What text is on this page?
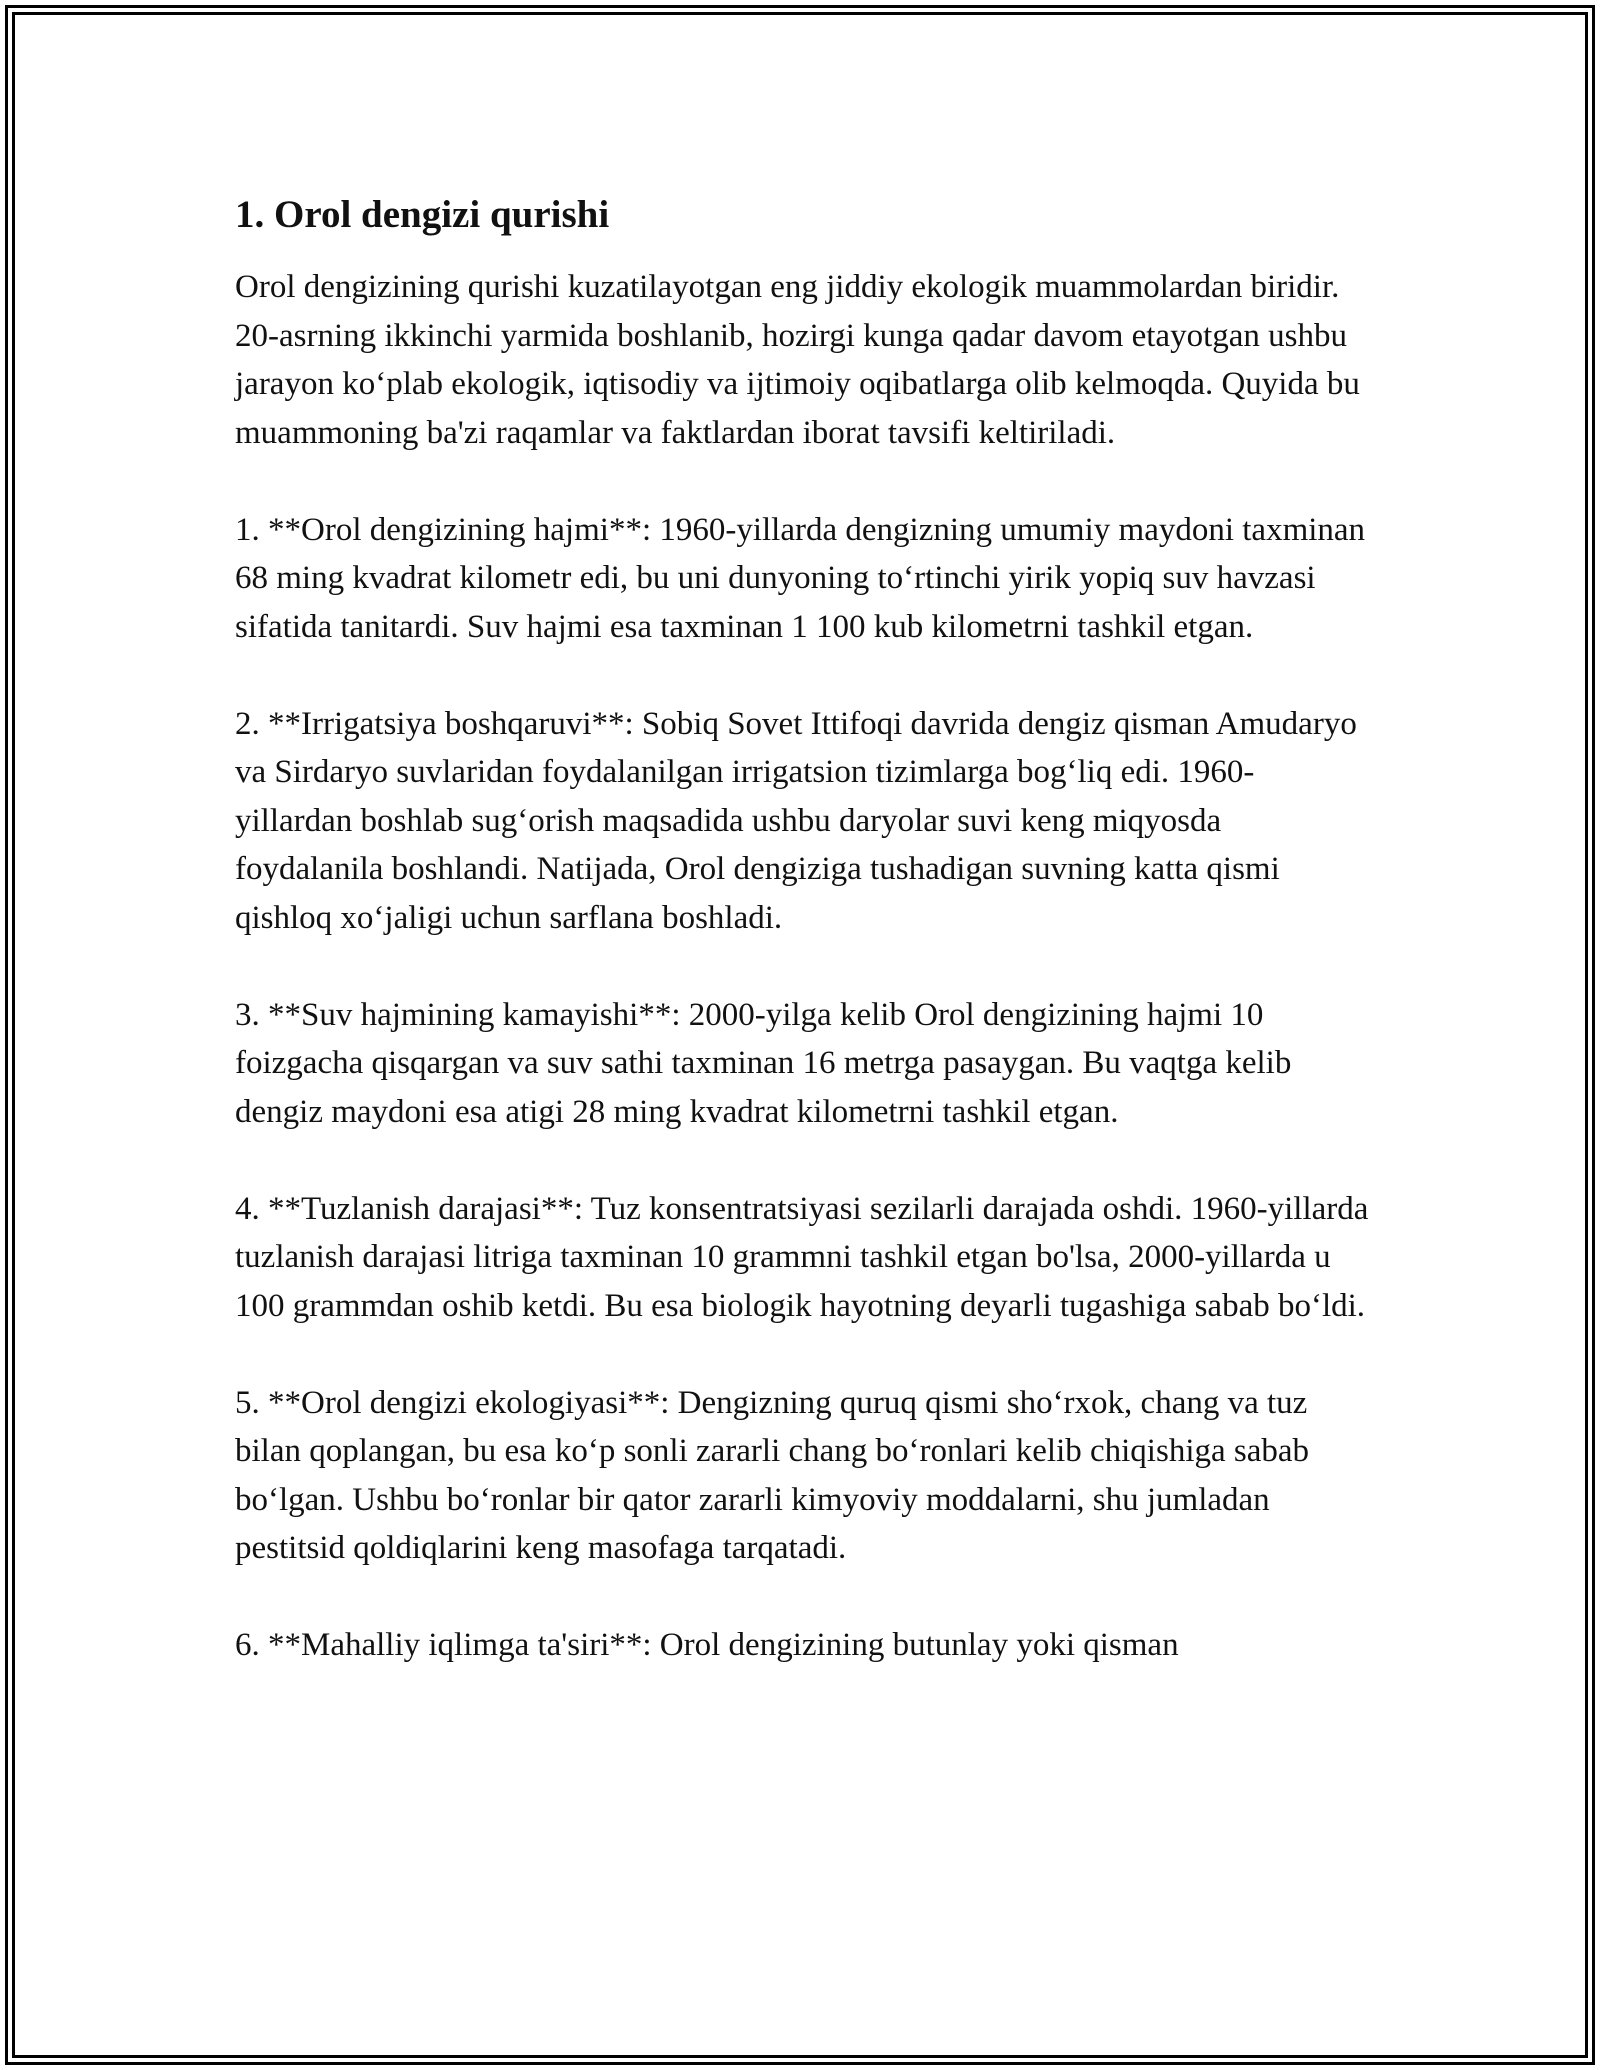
1. Orol dengizi qurishi

Orol dengizining qurishi kuzatilayotgan eng jiddiy ekologik muammolardan biridir. 20-asrning ikkinchi yarmida boshlanib, hozirgi kunga qadar davom etayotgan ushbu jarayon ko‘plab ekologik, iqtisodiy va ijtimoiy oqibatlarga olib kelmoqda. Quyida bu muammoning ba'zi raqamlar va faktlardan iborat tavsifi keltiriladi.

1. **Orol dengizining hajmi**: 1960-yillarda dengizning umumiy maydoni taxminan 68 ming kvadrat kilometr edi, bu uni dunyoning to‘rtinchi yirik yopiq suv havzasi sifatida tanitardi. Suv hajmi esa taxminan 1 100 kub kilometrni tashkil etgan.

2. **Irrigatsiya boshqaruvi**: Sobiq Sovet Ittifoqi davrida dengiz qisman Amudaryo va Sirdaryo suvlaridan foydalanilgan irrigatsion tizimlarga bog‘liq edi. 1960-yillardan boshlab sug‘orish maqsadida ushbu daryolar suvi keng miqyosda foydalanila boshlandi. Natijada, Orol dengiziga tushadigan suvning katta qismi qishloq xo‘jaligi uchun sarflana boshladi.

3. **Suv hajmining kamayishi**: 2000-yilga kelib Orol dengizining hajmi 10 foizgacha qisqargan va suv sathi taxminan 16 metrga pasaygan. Bu vaqtga kelib dengiz maydoni esa atigi 28 ming kvadrat kilometrni tashkil etgan.

4. **Tuzlanish darajasi**: Tuz konsentratsiyasi sezilarli darajada oshdi. 1960-yillarda tuzlanish darajasi litriga taxminan 10 grammni tashkil etgan bo'lsa, 2000-yillarda u 100 grammdan oshib ketdi. Bu esa biologik hayotning deyarli tugashiga sabab bo‘ldi.

5. **Orol dengizi ekologiyasi**: Dengizning quruq qismi sho‘rxok, chang va tuz bilan qoplangan, bu esa ko‘p sonli zararli chang bo‘ronlari kelib chiqishiga sabab bo‘lgan. Ushbu bo‘ronlar bir qator zararli kimyoviy moddalarni, shu jumladan pestitsid qoldiqlarini keng masofaga tarqatadi.

6. **Mahalliy iqlimga ta'siri**: Orol dengizining butunlay yoki qisman
